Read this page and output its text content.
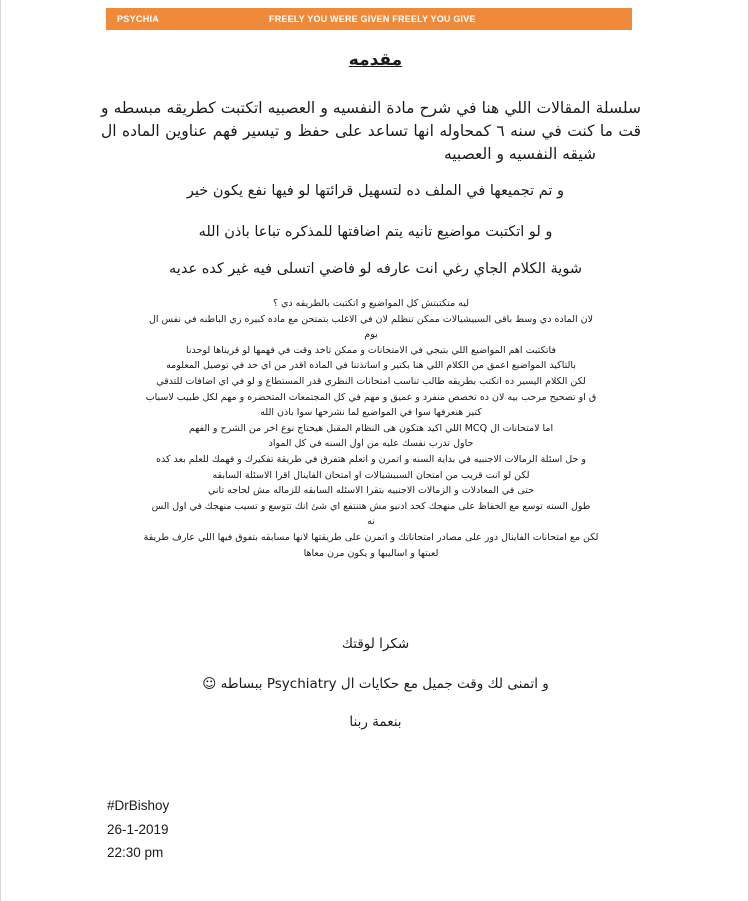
PSYCHIA	FREELY YOU WERE GIVEN FREELY YOU GIVE
مقدمه
سلسلة المقالات اللي هنا في شرح مادة النفسيه و العصبيه اتكتبت كطريقه مبسطه و
قت ما كنت في سنه ٦ كمحاوله انها تساعد على حفظ و تيسير فهم عناوين الماده ال
شيقه النفسيه و العصبيه
و تم تجميعها في الملف ده لتسهيل قرائتها لو فيها نفع يكون خير
و لو اتكتبت مواضيع تانيه يتم اضافتها للمذكره تباعا باذن الله
شوية الكلام الجاي رغي انت عارفه لو فاضي اتسلى فيه غير كده عديه
ليه متكتبتش كل المواضيع و اتكتبت بالطريقه دي ؟
لان الماده دي وسط باقي السبيشيالات ممكن تنظلم لان في الاغلب بتمتحن مع ماده كبيره زي الباطنه في نفس ال
يوم
فاتكتبت اهم المواضيع اللي بتيجي في الامتحانات و ممكن تاخد وقت في فهمها لو قريناها لوحدنا
بالتاكيد المواضيع اعمق من الكلام اللي هنا بكتير و اساتذتنا في الماده اقدر من اي حد في توصيل المعلومه
لكن الكلام اليسير ده اتكتب بطريقه طالب تناسب امتحانات النظري قدر المستطاع و لو في اي اضافات للتدقي
ق او تصحيح مرحب بيه لان ده تخصص منفرد و عميق و مهم في كل المجتمعات المتحضره و مهم لكل طبيب لاسباب
كتير هنعرفها سوا في المواضيع لما نشرحها سوا باذن الله
اما لامتحانات ال MCQ اللي اكيد هتكون هى النظام المقبل هيحتاج نوع اخر من الشرح و الفهم
حاول تدرب نفسك عليه من اول السنه في كل المواد
و حل اسئلة الزمالات الاجنبيه في بداية السنه و اتمرن و اتعلم هتفرق في طريقة تفكيرك و فهمك للعلم بعد كده
لكن لو انت قريب من امتحان السبيشيالات او امتحان الفاينال اقرا الاسئلة السابقه
حتى في المعادلات و الزمالات الاجنبيه بتقرا الاسئله السابقه للزماله مش لحاجه تاني
طول السنه توسع مع الحفاظ على منهجك كحد ادنيو مش هتنتفع اي شئ انك تتوسع و تسيب منهجك في اول الس
نه
لكن مع امتحانات الفاينال دور على مصادر امتحاناتك و اتمرن على طريقتها لانها مسابقه بتفوق فيها اللي عارف طريقة
لعبتها و اساليبها و يكون مرن معاها
شكرا لوقتك
و اتمنى لك وقت جميل مع حكايات ال Psychiatry ببساطه ☺
بنعمة ربنا
#DrBishoy
26-1-2019
22:30 pm
